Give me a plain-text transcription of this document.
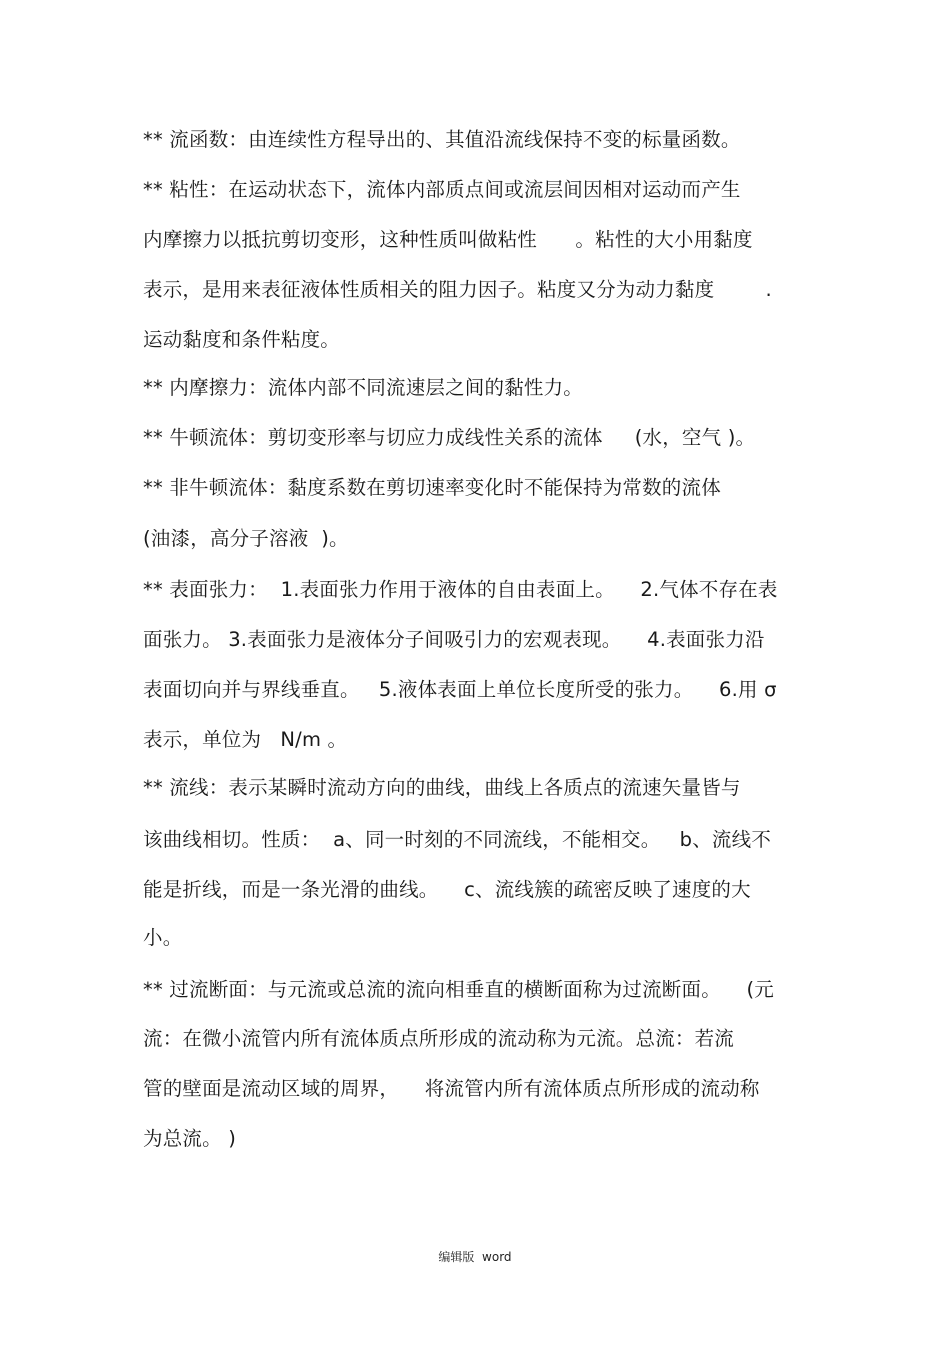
** 流函数：由连续性方程导出的、其值沿流线保持不变的标量函数。
** 粘性：在运动状态下，流体内部质点间或流层间因相对运动而产生
内摩擦力以抵抗剪切变形，这种性质叫做粘性      。粘性的大小用黏度
表示，是用来表征液体性质相关的阻力因子。粘度又分为动力黏度        .
运动黏度和条件粘度。
** 内摩擦力：流体内部不同流速层之间的黏性力。
** 牛顿流体：剪切变形率与切应力成线性关系的流体     (水，空气 )。
** 非牛顿流体：黏度系数在剪切速率变化时不能保持为常数的流体
(油漆，高分子溶液  )。
** 表面张力：  1.表面张力作用于液体的自由表面上。    2.气体不存在表
面张力。 3.表面张力是液体分子间吸引力的宏观表现。    4.表面张力沿
表面切向并与界线垂直。   5.液体表面上单位长度所受的张力。    6.用 σ
表示，单位为   N/m 。
** 流线：表示某瞬时流动方向的曲线，曲线上各质点的流速矢量皆与
该曲线相切。性质：  a、同一时刻的不同流线，不能相交。   b、流线不
能是折线，而是一条光滑的曲线。    c、流线簇的疏密反映了速度的大
小。
** 过流断面：与元流或总流的流向相垂直的横断面称为过流断面。    (元
流：在微小流管内所有流体质点所形成的流动称为元流。总流：若流
管的壁面是流动区域的周界，    将流管内所有流体质点所形成的流动称
为总流。 )
编辑版  word
